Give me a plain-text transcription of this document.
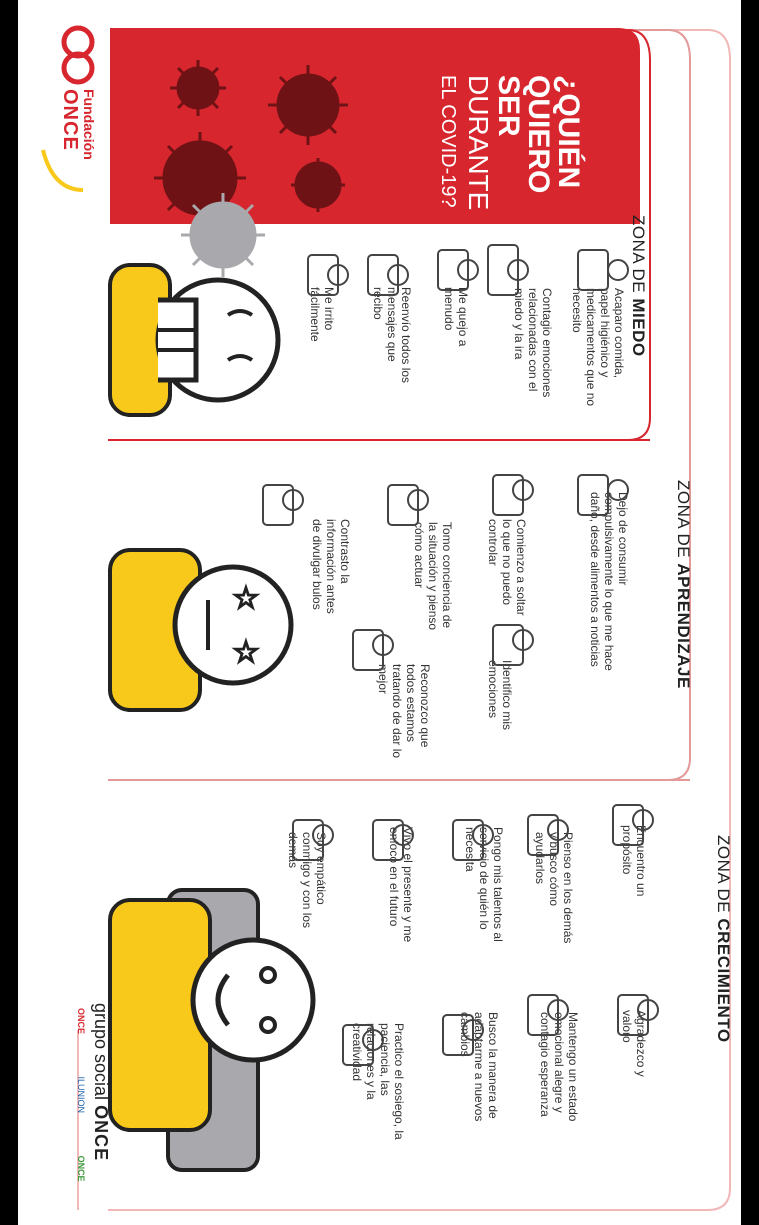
☆
☆
Fundación
ONCE	¿QUIÉN
QUIERO
SER
DURANTE
EL COVID-19?
ZONA DE MIEDO
ZONA DE APRENDIZAJE
ZONA DE CRECIMIENTO
Acaparo comida, papel higiénico y medicamentos que no necesito
Contagio emociones relacionadas con el miedo y la ira
Me quejo a menudo
Reenvío todos los mensajes que recibo
Me irrito fácilmente
Dejo de consumir compulsivamente lo que me hace daño, desde alimentos a noticias
Comienzo a soltar lo que no puedo controlar
Identifico mis emociones
Tomo conciencia de la situación y pienso cómo actuar
Reconozco que todos estamos tratando de dar lo mejor
Contrasto la información antes de divulgar bulos
Encuentro un propósito
Agradezco y valoro
Pienso en los demás y busco cómo ayudarlos
Mantengo un estado emocional alegre y contagio esperanza
Pongo mis talentos al servicio de quién lo necesita
Busco la manera de adaptarme a nuevos cambios
Vivo el presente y me enfoco en el futuro
Practico el sosiego, la paciencia, las relaciones y la creatividad
Soy empático conmigo y con los demás
grupo social ONCE
ONCE ILUNION ONCE
